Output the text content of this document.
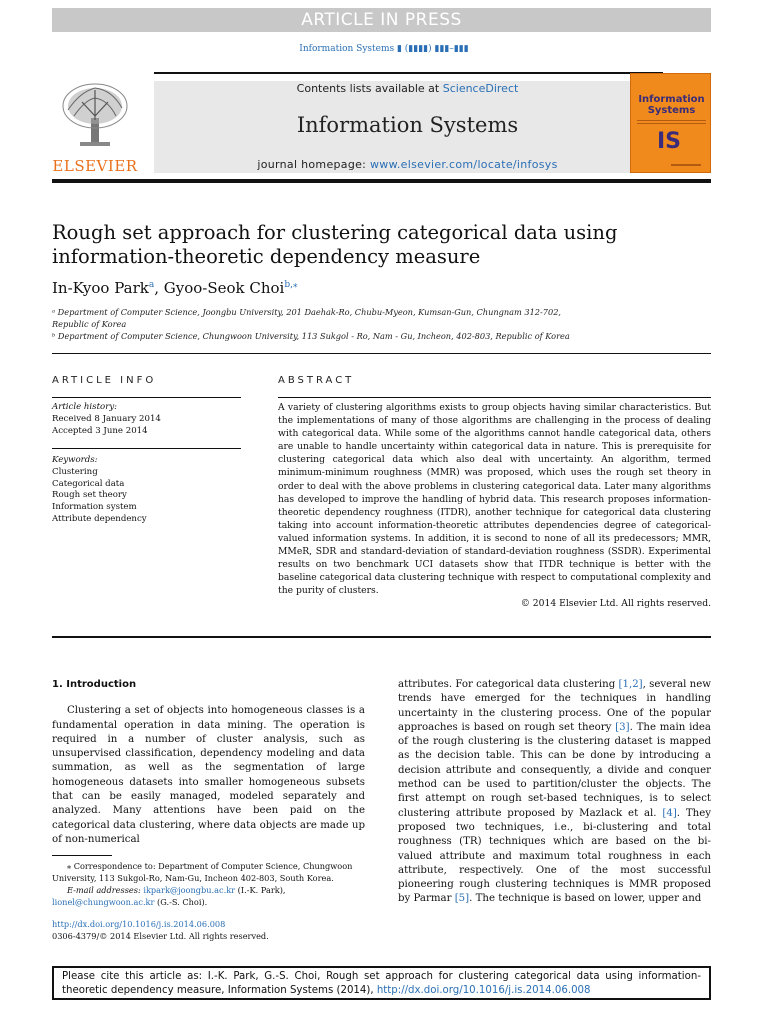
ARTICLE IN PRESS
Information Systems ▮ (▮▮▮▮) ▮▮▮–▮▮▮
ELSEVIER
Contents lists available at ScienceDirect
Information Systems
journal homepage: www.elsevier.com/locate/infosys
Information
Systems
IS
Rough set approach for clustering categorical data using information-theoretic dependency measure
In-Kyoo Park$^a$, Gyoo-Seok Choi$^{b,⁎}$
ᵃ Department of Computer Science, Joongbu University, 201 Daehak-Ro, Chubu-Myeon, Kumsan-Gun, Chungnam 312-702, Republic of Korea
ᵇ Department of Computer Science, Chungwoon University, 113 Sukgol - Ro, Nam - Gu, Incheon, 402-803, Republic of Korea
ARTICLE INFO
Article history:
Received 8 January 2014
Accepted 3 June 2014
Keywords:
Clustering
Categorical data
Rough set theory
Information system
Attribute dependency
ABSTRACT
A variety of clustering algorithms exists to group objects having similar characteristics. But the implementations of many of those algorithms are challenging in the process of dealing with categorical data. While some of the algorithms cannot handle categorical data, others are unable to handle uncertainty within categorical data in nature. This is prerequisite for clustering categorical data which also deal with uncertainty. An algorithm, termed minimum-minimum roughness (MMR) was proposed, which uses the rough set theory in order to deal with the above problems in clustering categorical data. Later many algorithms has developed to improve the handling of hybrid data. This research proposes information-theoretic dependency roughness (ITDR), another technique for categorical data clustering taking into account information-theoretic attributes dependencies degree of categorical-valued information systems. In addition, it is second to none of all its predecessors; MMR, MMeR, SDR and standard-deviation of standard-deviation roughness (SSDR). Experimental results on two benchmark UCI datasets show that ITDR technique is better with the baseline categorical data clustering technique with respect to computational complexity and the purity of clusters.
© 2014 Elsevier Ltd. All rights reserved.
1. Introduction

Clustering a set of objects into homogeneous classes is a fundamental operation in data mining. The operation is required in a number of cluster analysis, such as unsupervised classification, dependency modeling and data summation, as well as the segmentation of large homogeneous datasets into smaller homogeneous subsets that can be easily managed, modeled separately and analyzed. Many attentions have been paid on the categorical data clustering, where data objects are made up of non-numerical

attributes. For categorical data clustering [1,2], several new trends have emerged for the techniques in handling uncertainty in the clustering process. One of the popular approaches is based on rough set theory [3]. The main idea of the rough clustering is the clustering dataset is mapped as the decision table. This can be done by introducing a decision attribute and consequently, a divide and conquer method can be used to partition/cluster the objects. The first attempt on rough set-based techniques, is to select clustering attribute proposed by Mazlack et al. [4]. They proposed two techniques, i.e., bi-clustering and total roughness (TR) techniques which are based on the bi-valued attribute and maximum total roughness in each attribute, respectively. One of the most successful pioneering rough clustering techniques is MMR proposed by Parmar [5]. The technique is based on lower, upper and

⁎ Correspondence to: Department of Computer Science, Chungwoon University, 113 Sukgol-Ro, Nam-Gu, Incheon 402-803, South Korea.
E-mail addresses: ikpark@joongbu.ac.kr (I.-K. Park),
lionel@chungwoon.ac.kr (G.-S. Choi).
http://dx.doi.org/10.1016/j.is.2014.06.008
0306-4379/© 2014 Elsevier Ltd. All rights reserved.
Please cite this article as: I.-K. Park, G.-S. Choi, Rough set approach for clustering categorical data using information-theoretic dependency measure, Information Systems (2014), http://dx.doi.org/10.1016/j.is.2014.06.008
